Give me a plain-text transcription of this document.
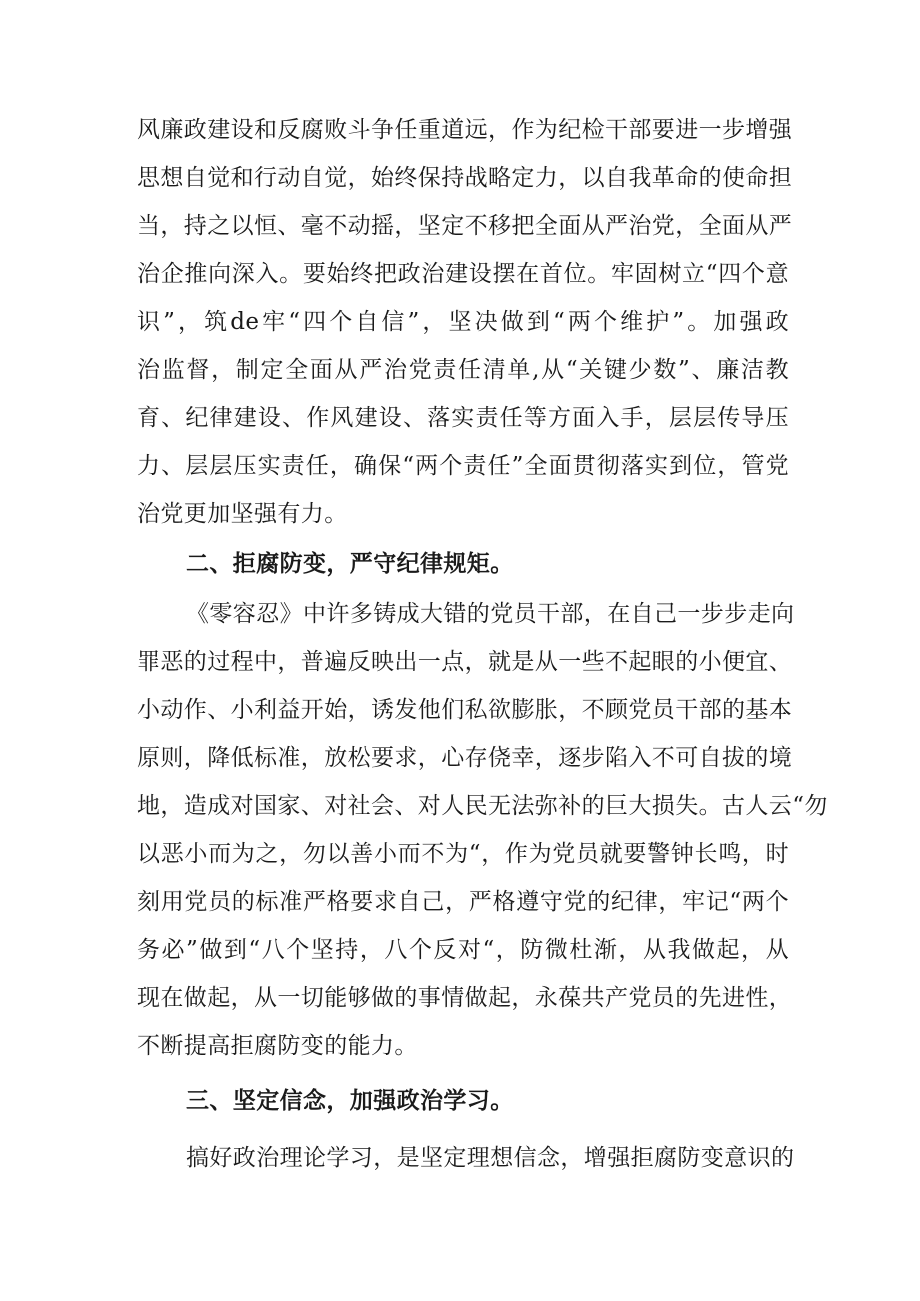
风廉政建设和反腐败斗争任重道远，作为纪检干部要进一步增强
思想自觉和行动自觉，始终保持战略定力，以自我革命的使命担
当，持之以恒、毫不动摇，坚定不移把全面从严治党，全面从严
治企推向深入。要始终把政治建设摆在首位。牢固树立“四个意
识”，筑de牢“四个自信”，坚决做到“两个维护”。加强政
治监督，制定全面从严治党责任清单,从“关键少数”、廉洁教
育、纪律建设、作风建设、落实责任等方面入手，层层传导压
力、层层压实责任，确保“两个责任”全面贯彻落实到位，管党
治党更加坚强有力。
二、拒腐防变，严守纪律规矩。
《零容忍》中许多铸成大错的党员干部，在自己一步步走向
罪恶的过程中，普遍反映出一点，就是从一些不起眼的小便宜、
小动作、小利益开始，诱发他们私欲膨胀，不顾党员干部的基本
原则，降低标准，放松要求，心存侥幸，逐步陷入不可自拔的境
地，造成对国家、对社会、对人民无法弥补的巨大损失。古人云“勿
以恶小而为之，勿以善小而不为“，作为党员就要警钟长鸣，时
刻用党员的标准严格要求自己，严格遵守党的纪律，牢记“两个
务必”做到“八个坚持，八个反对“，防微杜渐，从我做起，从
现在做起，从一切能够做的事情做起，永葆共产党员的先进性，
不断提高拒腐防变的能力。
三、坚定信念，加强政治学习。
搞好政治理论学习，是坚定理想信念，增强拒腐防变意识的
